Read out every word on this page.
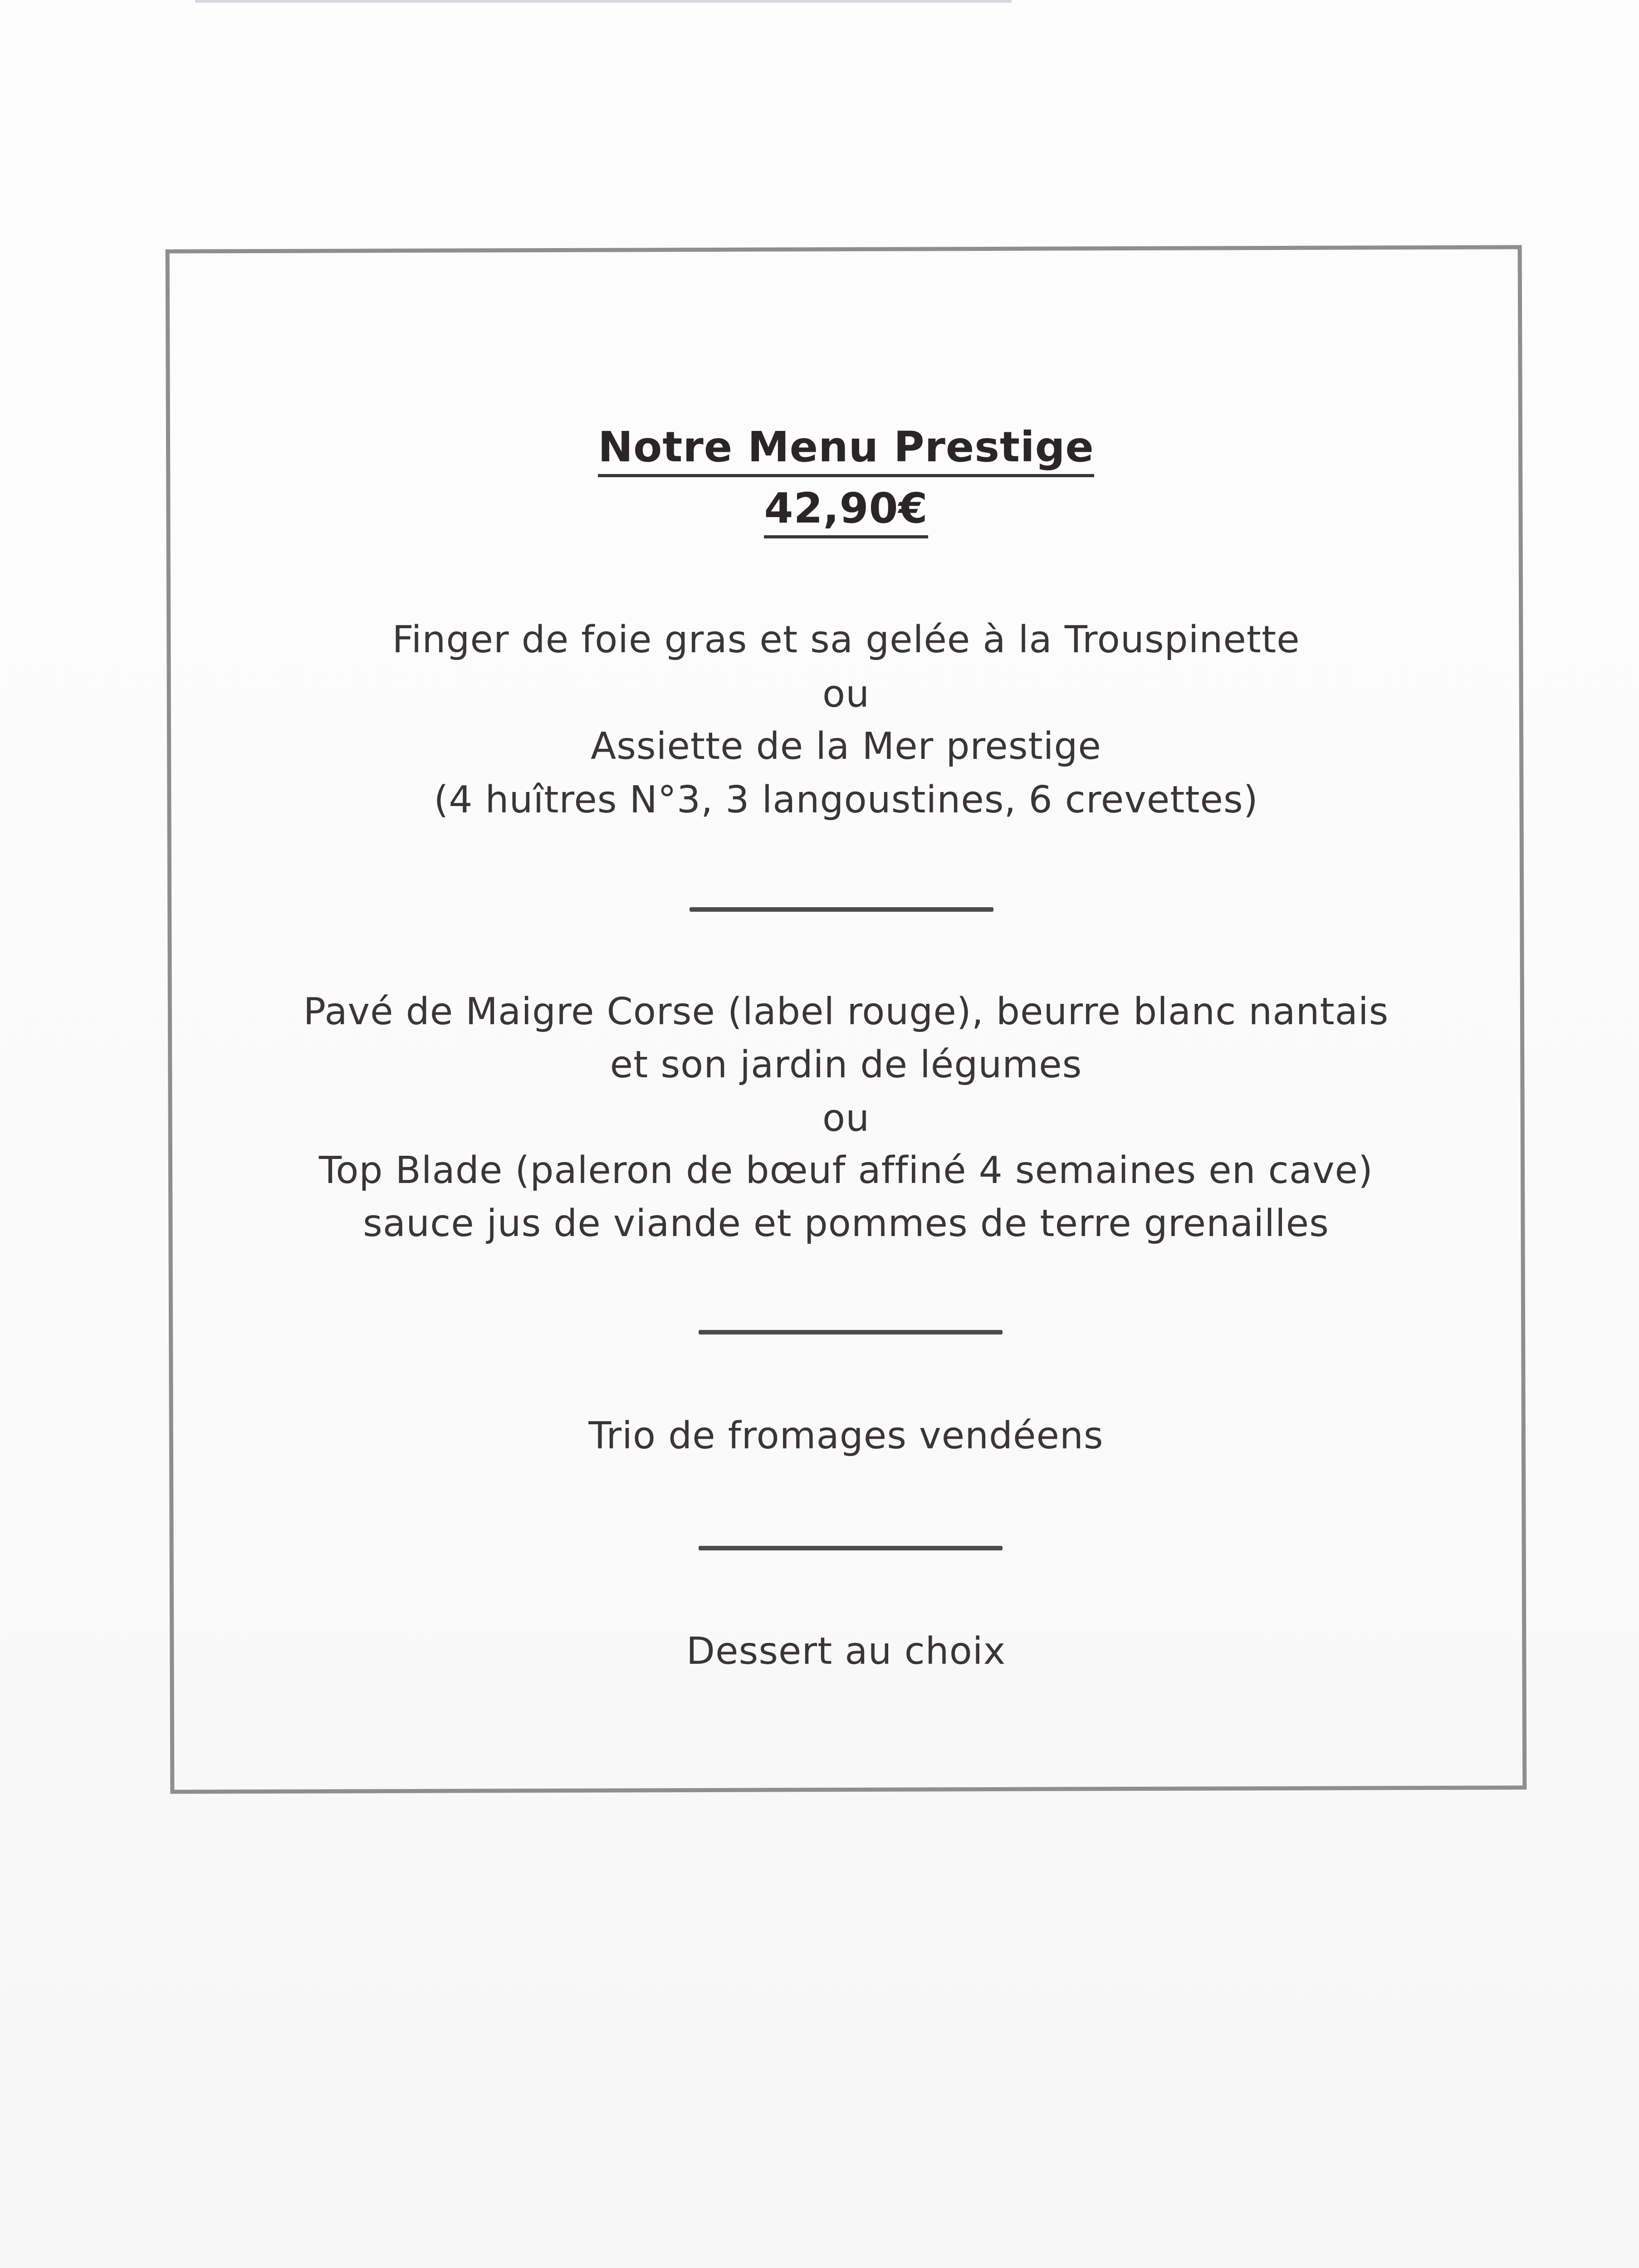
Notre Menu Prestige
42,90€
Finger de foie gras et sa gelée à la Trouspinette
ou
Assiette de la Mer prestige
(4 huîtres N°3, 3 langoustines, 6 crevettes)
Pavé de Maigre Corse (label rouge), beurre blanc nantais
et son jardin de légumes
ou
Top Blade (paleron de bœuf affiné 4 semaines en cave)
sauce jus de viande et pommes de terre grenailles
Trio de fromages vendéens
Dessert au choix
